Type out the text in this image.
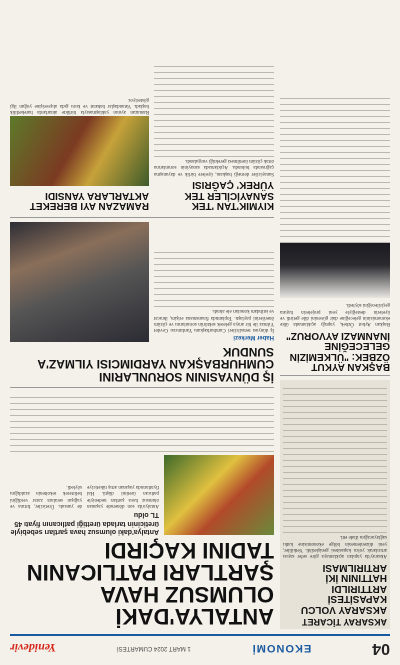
04
EKONOMİ
1 MART 2024 CUMARTESİ
Yenidevir
AKSARAY TİCARET
AKSARAY VOLCU KAPASİTESİ ARTTIRILDI HATTININ İKİ ARTIRILMASI
Aksaray'da yapılan açıklamaya göre sefer sayısı artırılarak yolcu kapasitesi genişletildi. Yetkililer, yeni düzenlemenin bölge ekonomisine katkı sağlayacağını ifade etti.
BAŞKAN AYKUT ÖZBEK: "ÜLKEMİZİN GELECEĞİNE İNANMAZI AYVORUZ"
Başkan Aykut Özbek, yaptığı açıklamada ülke ekonomisinin geleceğine dair güvenini dile getirdi ve üyelerin desteğiyle yeni projelerin hayata geçirileceğini söyledi.
ANTALYA'DAKİ OLUMSUZ HAVA ŞARTLARI PATLICANIN TADINI KAÇIRDI
Antalya'daki olumsuz hava şartları sebebiyle üreticinin tarlada ürettiği patlıcanın fiyatı 45 TL oldu
Antalya'da son dönemde yaşanan olumsuz hava şartları nedeniyle patlıcan üretimi düştü. Hal fiyatlarında yaşanan artış tüketiciye de yansıdı. Üreticiler, fırtına ve yağışın seralara zarar verdiğini belirterek rekoltenin azaldığını söyledi.
İŞ DÜNYASININ SORUNLARINI CUMHURBAŞKAN YARDIMCISI YILMAZ'A SUNDUK
Haber Merkezi
İş dünyası temsilcileri Cumhurbaşkanı Yardımcısı Cevdet Yılmaz ile bir araya gelerek sektörün sorunlarını ve çözüm önerilerini paylaştı. Toplantıda finansmana erişim, ihracat ve istihdam konuları ele alındı.
KIYMIK'TAN 'TEK SANAYİCİLER TEK YÜREK' ÇAĞRISI
Sanayiciler derneği başkanı, üyelere birlik ve dayanışma çağrısında bulundu. Açıklamada sanayinin sorunlarına ortak çözüm üretilmesi gerektiği vurgulandı.
RAMAZAN AYI BEREKET AKTARLARA YANSIDI
Ramazan ayının yaklaşmasıyla birlikte aktarlarda hareketlilik başladı. Vatandaşlar baharat ve kuru gıda alışverişine yoğun ilgi gösteriyor.
